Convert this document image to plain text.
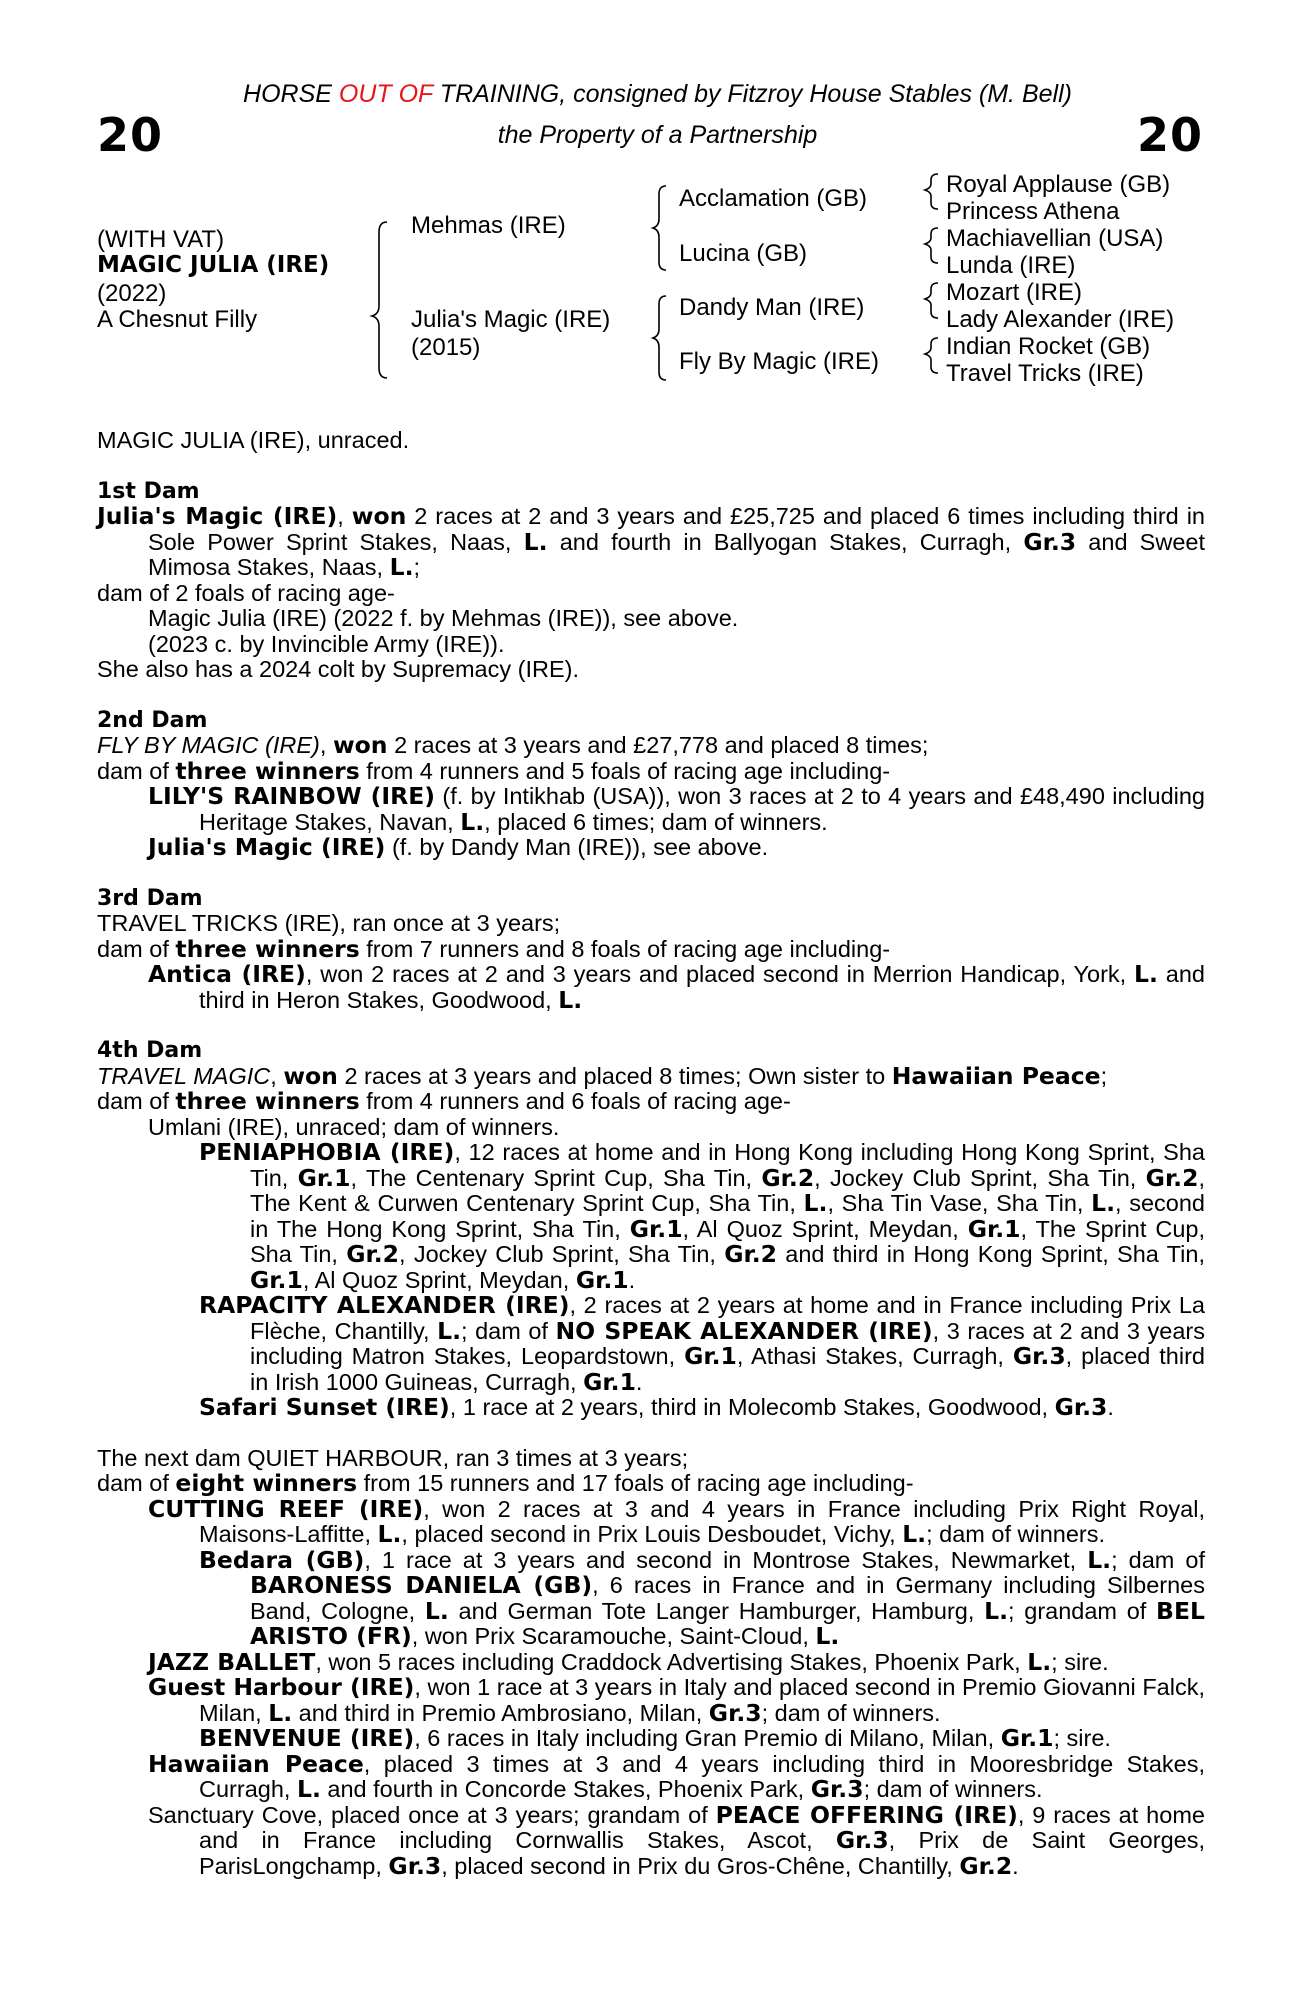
HORSE OUT OF TRAINING, consigned by Fitzroy House Stables (M. Bell)
the Property of a Partnership
20	20
(WITH VAT)
MAGIC JULIA (IRE)
(2022)
A Chesnut Filly
Mehmas (IRE)
Julia's Magic (IRE)
(2015)
Acclamation (GB)
Lucina (GB)
Dandy Man (IRE)
Fly By Magic (IRE)
Royal Applause (GB)
Princess Athena
Machiavellian (USA)
Lunda (IRE)
Mozart (IRE)
Lady Alexander (IRE)
Indian Rocket (GB)
Travel Tricks (IRE)

MAGIC JULIA (IRE), unraced.

1st Dam

Julia's Magic (IRE), won 2 races at 2 and 3 years and £25,725 and placed 6 times including third in Sole Power Sprint Stakes, Naas, L. and fourth in Ballyogan Stakes, Curragh, Gr.3 and Sweet Mimosa Stakes, Naas, L.;

dam of 2 foals of racing age-

Magic Julia (IRE) (2022 f. by Mehmas (IRE)), see above.

(2023 c. by Invincible Army (IRE)).

She also has a 2024 colt by Supremacy (IRE).

2nd Dam

FLY BY MAGIC (IRE), won 2 races at 3 years and £27,778 and placed 8 times;

dam of three winners from 4 runners and 5 foals of racing age including-

LILY'S RAINBOW (IRE) (f. by Intikhab (USA)), won 3 races at 2 to 4 years and £48,490 including Heritage Stakes, Navan, L., placed 6 times; dam of winners.

Julia's Magic (IRE) (f. by Dandy Man (IRE)), see above.

3rd Dam

TRAVEL TRICKS (IRE), ran once at 3 years;

dam of three winners from 7 runners and 8 foals of racing age including-

Antica (IRE), won 2 races at 2 and 3 years and placed second in Merrion Handicap, York, L. and third in Heron Stakes, Goodwood, L.

4th Dam

TRAVEL MAGIC, won 2 races at 3 years and placed 8 times; Own sister to Hawaiian Peace;

dam of three winners from 4 runners and 6 foals of racing age-

Umlani (IRE), unraced; dam of winners.

PENIAPHOBIA (IRE), 12 races at home and in Hong Kong including Hong Kong Sprint, Sha Tin, Gr.1, The Centenary Sprint Cup, Sha Tin, Gr.2, Jockey Club Sprint, Sha Tin, Gr.2, The Kent & Curwen Centenary Sprint Cup, Sha Tin, L., Sha Tin Vase, Sha Tin, L., second in The Hong Kong Sprint, Sha Tin, Gr.1, Al Quoz Sprint, Meydan, Gr.1, The Sprint Cup, Sha Tin, Gr.2, Jockey Club Sprint, Sha Tin, Gr.2 and third in Hong Kong Sprint, Sha Tin, Gr.1, Al Quoz Sprint, Meydan, Gr.1.

RAPACITY ALEXANDER (IRE), 2 races at 2 years at home and in France including Prix La Flèche, Chantilly, L.; dam of NO SPEAK ALEXANDER (IRE), 3 races at 2 and 3 years including Matron Stakes, Leopardstown, Gr.1, Athasi Stakes, Curragh, Gr.3, placed third in Irish 1000 Guineas, Curragh, Gr.1.

Safari Sunset (IRE), 1 race at 2 years, third in Molecomb Stakes, Goodwood, Gr.3.

The next dam QUIET HARBOUR, ran 3 times at 3 years;

dam of eight winners from 15 runners and 17 foals of racing age including-

CUTTING REEF (IRE), won 2 races at 3 and 4 years in France including Prix Right Royal, Maisons-Laffitte, L., placed second in Prix Louis Desboudet, Vichy, L.; dam of winners.

Bedara (GB), 1 race at 3 years and second in Montrose Stakes, Newmarket, L.; dam of BARONESS DANIELA (GB), 6 races in France and in Germany including Silbernes Band, Cologne, L. and German Tote Langer Hamburger, Hamburg, L.; grandam of BEL ARISTO (FR), won Prix Scaramouche, Saint-Cloud, L.

JAZZ BALLET, won 5 races including Craddock Advertising Stakes, Phoenix Park, L.; sire.

Guest Harbour (IRE), won 1 race at 3 years in Italy and placed second in Premio Giovanni Falck, Milan, L. and third in Premio Ambrosiano, Milan, Gr.3; dam of winners.

BENVENUE (IRE), 6 races in Italy including Gran Premio di Milano, Milan, Gr.1; sire.

Hawaiian Peace, placed 3 times at 3 and 4 years including third in Mooresbridge Stakes, Curragh, L. and fourth in Concorde Stakes, Phoenix Park, Gr.3; dam of winners.

Sanctuary Cove, placed once at 3 years; grandam of PEACE OFFERING (IRE), 9 races at home and in France including Cornwallis Stakes, Ascot, Gr.3, Prix de Saint Georges, ParisLongchamp, Gr.3, placed second in Prix du Gros-Chêne, Chantilly, Gr.2.
